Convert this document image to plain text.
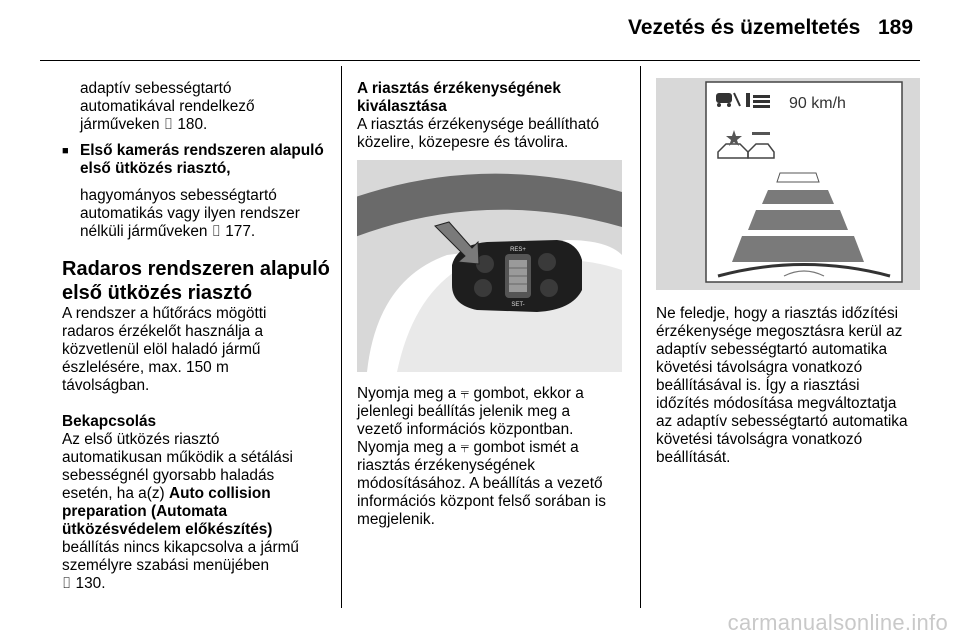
Vezetés és üzemeltetés 189
adaptív sebességtartó
automatikával rendelkező
járműveken ⌷ 180.
■ Első kamerás rendszeren alapuló
első ütközés riasztó,
hagyományos sebességtartó
automatikás vagy ilyen rendszer
nélküli járműveken ⌷ 177.
Radaros rendszeren alapuló
első ütközés riasztó
A rendszer a hűtőrács mögötti
radaros érzékelőt használja a
közvetlenül elöl haladó jármű
észlelésére, max. 150 m
távolságban.
Bekapcsolás
Az első ütközés riasztó
automatikusan működik a sétálási
sebességnél gyorsabb haladás
esetén, ha a(z) Auto collision
preparation (Automata
ütközésvédelem előkészítés)
beállítás nincs kikapcsolva a jármű
személyre szabási menüjében
⌷ 130.
A riasztás érzékenységének
kiválasztása
A riasztás érzékenysége beállítható
közelire, közepesre és távolira.
RES+
SET-
Nyomja meg a ⫧ gombot, ekkor a
jelenlegi beállítás jelenik meg a
vezető információs központban.
Nyomja meg a ⫧ gombot ismét a
riasztás érzékenységének
módosításához. A beállítás a vezető
információs központ felső sorában is
megjelenik.
90 km/h
Ne feledje, hogy a riasztás időzítési
érzékenysége megosztásra kerül az
adaptív sebességtartó automatika
követési távolságra vonatkozó
beállításával is. Így a riasztási
időzítés módosítása megváltoztatja
az adaptív sebességtartó automatika
követési távolságra vonatkozó
beállítását.
carmanualsonline.info
